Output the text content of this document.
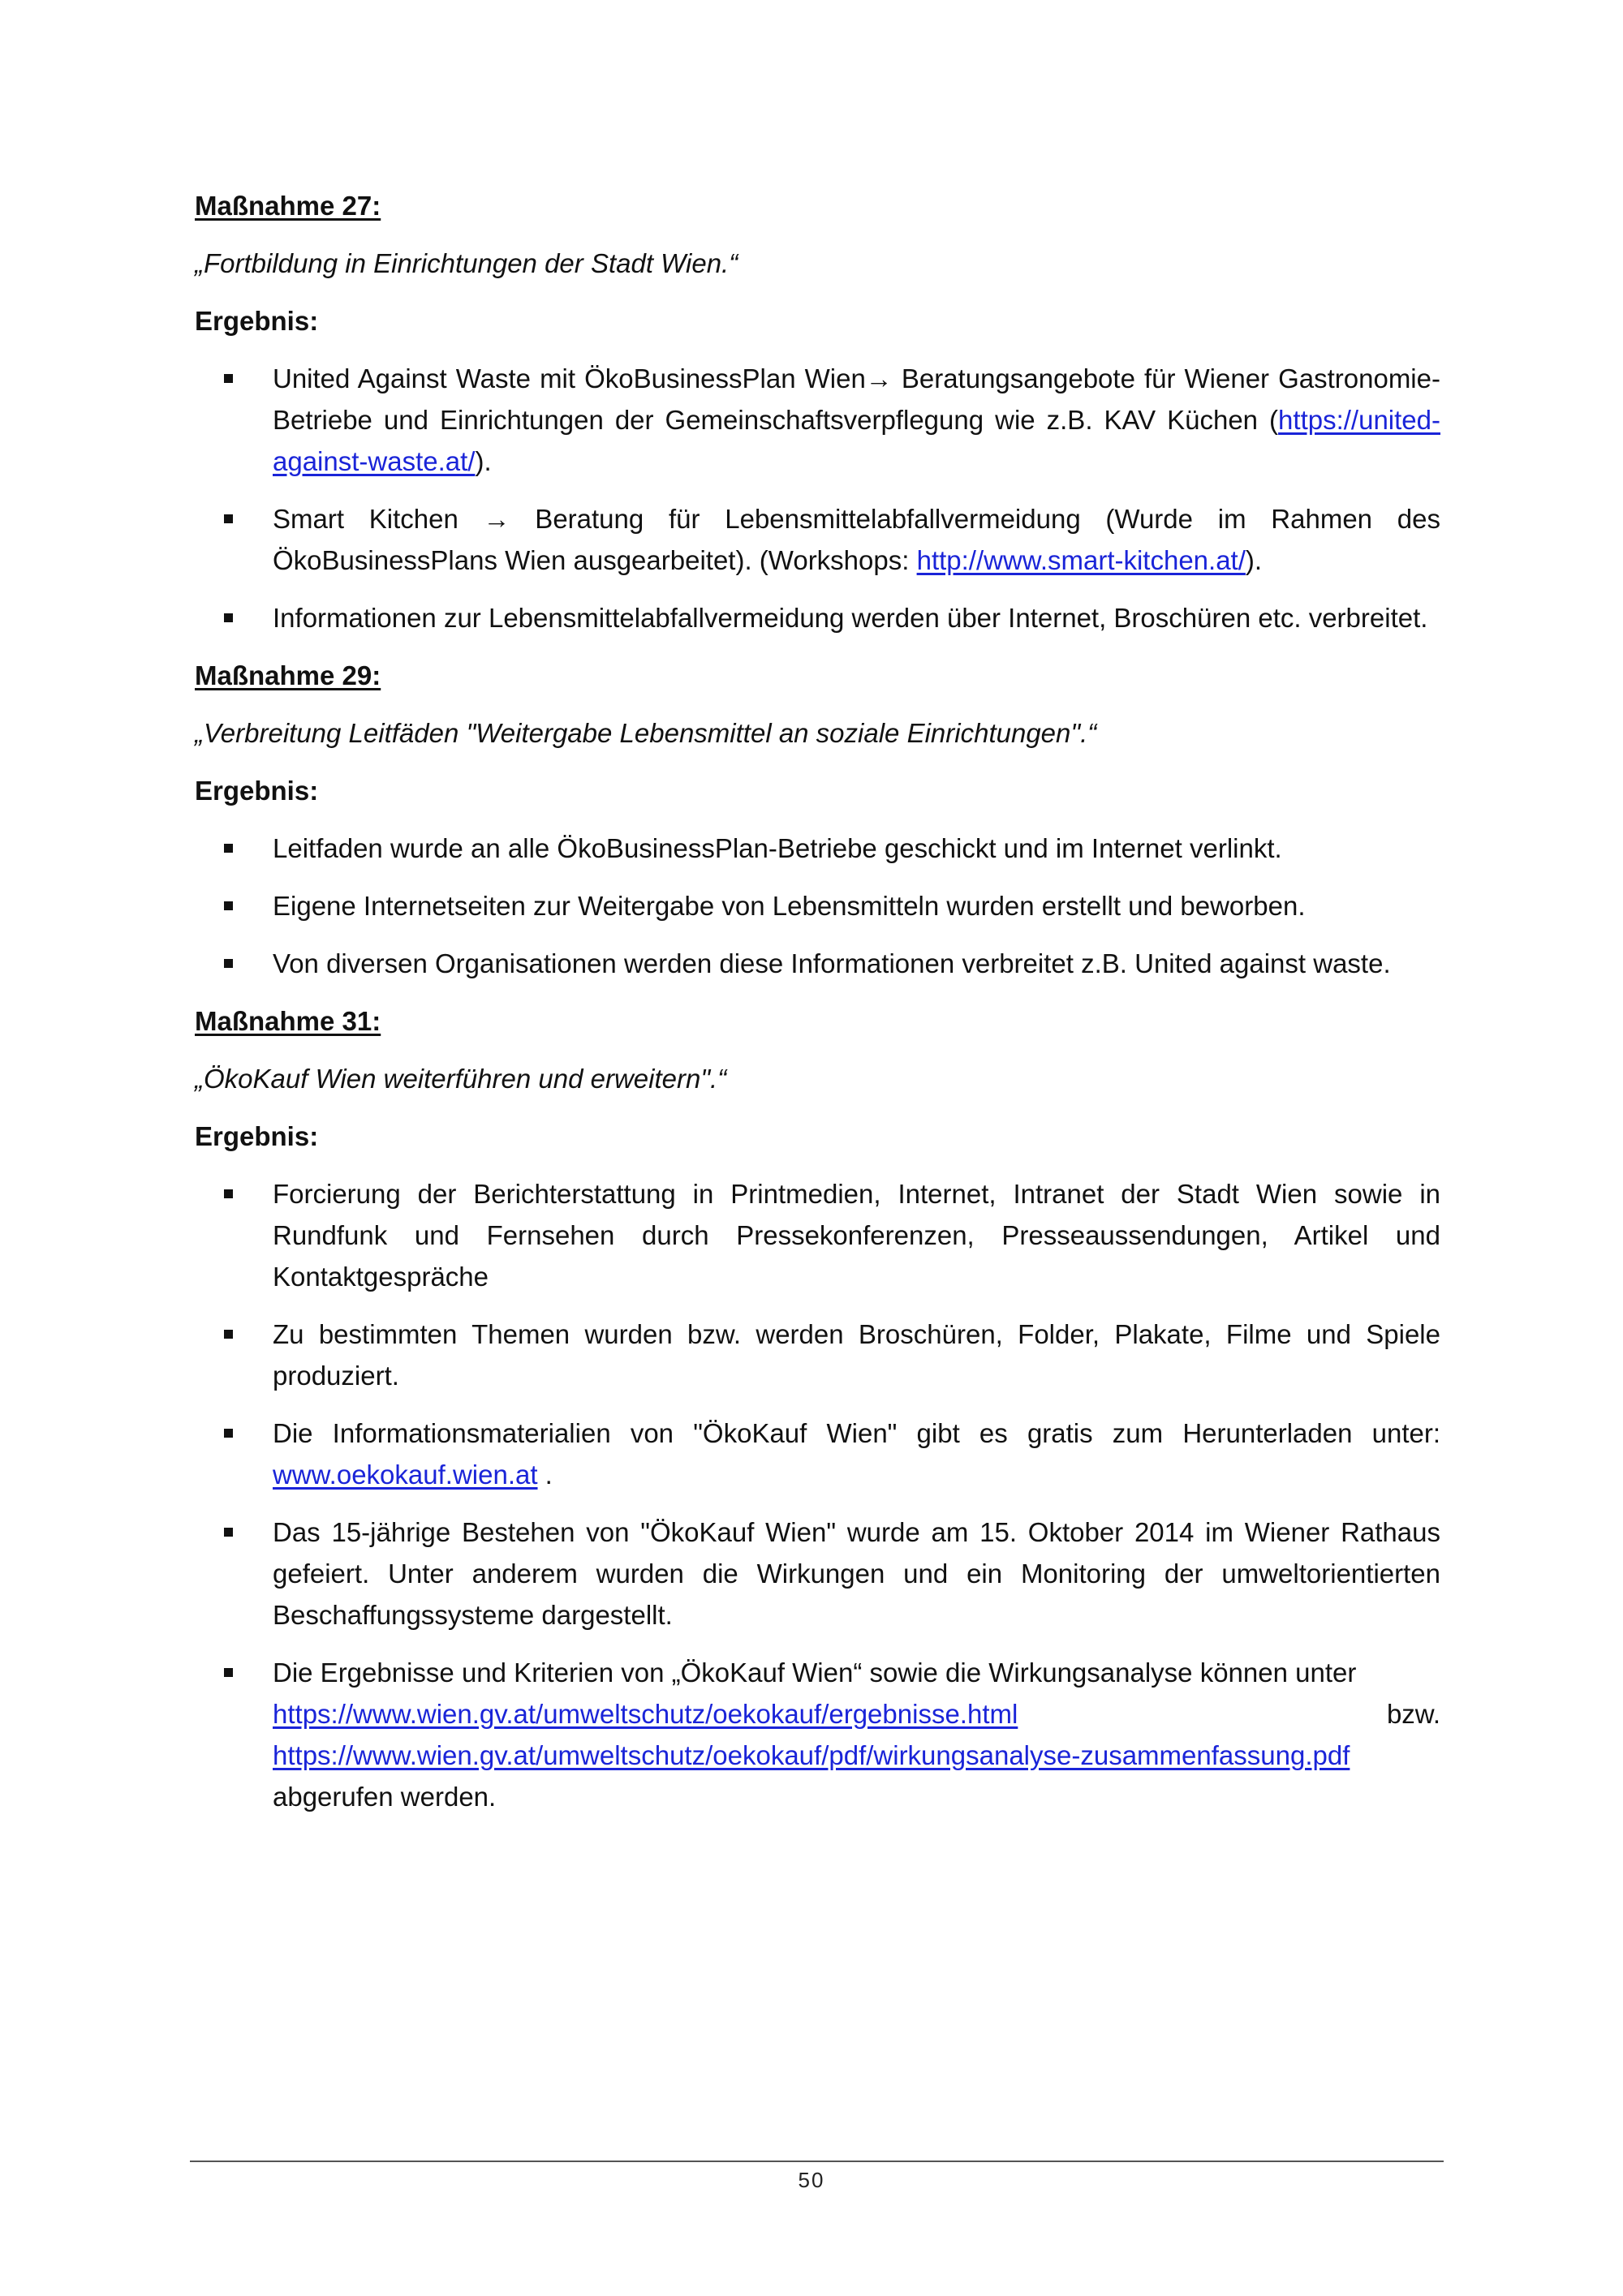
Maßnahme 27:
„Fortbildung in Einrichtungen der Stadt Wien.“
Ergebnis:
United Against Waste mit ÖkoBusinessPlan Wien→ Beratungsangebote für Wiener Gastronomie-Betriebe und Einrichtungen der Gemeinschaftsverpflegung wie z.B. KAV Küchen (https://united-against-waste.at/).
Smart Kitchen → Beratung für Lebensmittelabfallvermeidung (Wurde im Rahmen des ÖkoBusinessPlans Wien ausgearbeitet). (Workshops: http://www.smart-kitchen.at/).
Informationen zur Lebensmittelabfallvermeidung werden über Internet, Broschüren etc. verbreitet.
Maßnahme 29:
„Verbreitung Leitfäden "Weitergabe Lebensmittel an soziale Einrichtungen".“
Ergebnis:
Leitfaden wurde an alle ÖkoBusinessPlan-Betriebe geschickt und im Internet verlinkt.
Eigene Internetseiten zur Weitergabe von Lebensmitteln wurden erstellt und beworben.
Von diversen Organisationen werden diese Informationen verbreitet z.B. United against waste.
Maßnahme 31:
„ÖkoKauf Wien weiterführen und erweitern".“
Ergebnis:
Forcierung der Berichterstattung in Printmedien, Internet, Intranet der Stadt Wien sowie in Rundfunk und Fernsehen durch Pressekonferenzen, Presseaussendungen, Artikel und Kontaktgespräche
Zu bestimmten Themen wurden bzw. werden Broschüren, Folder, Plakate, Filme und Spiele produziert.
Die Informationsmaterialien von "ÖkoKauf Wien" gibt es gratis zum Herunterladen unter: www.oekokauf.wien.at .
Das 15-jährige Bestehen von "ÖkoKauf Wien" wurde am 15. Oktober 2014 im Wiener Rathaus gefeiert. Unter anderem wurden die Wirkungen und ein Monitoring der umweltorientierten Beschaffungssysteme dargestellt.
Die Ergebnisse und Kriterien von „ÖkoKauf Wien“ sowie die Wirkungsanalyse können unter
https://www.wien.gv.at/umweltschutz/oekokauf/ergebnisse.html	bzw.
https://www.wien.gv.at/umweltschutz/oekokauf/pdf/wirkungsanalyse-zusammenfassung.pdf
abgerufen werden.
50
